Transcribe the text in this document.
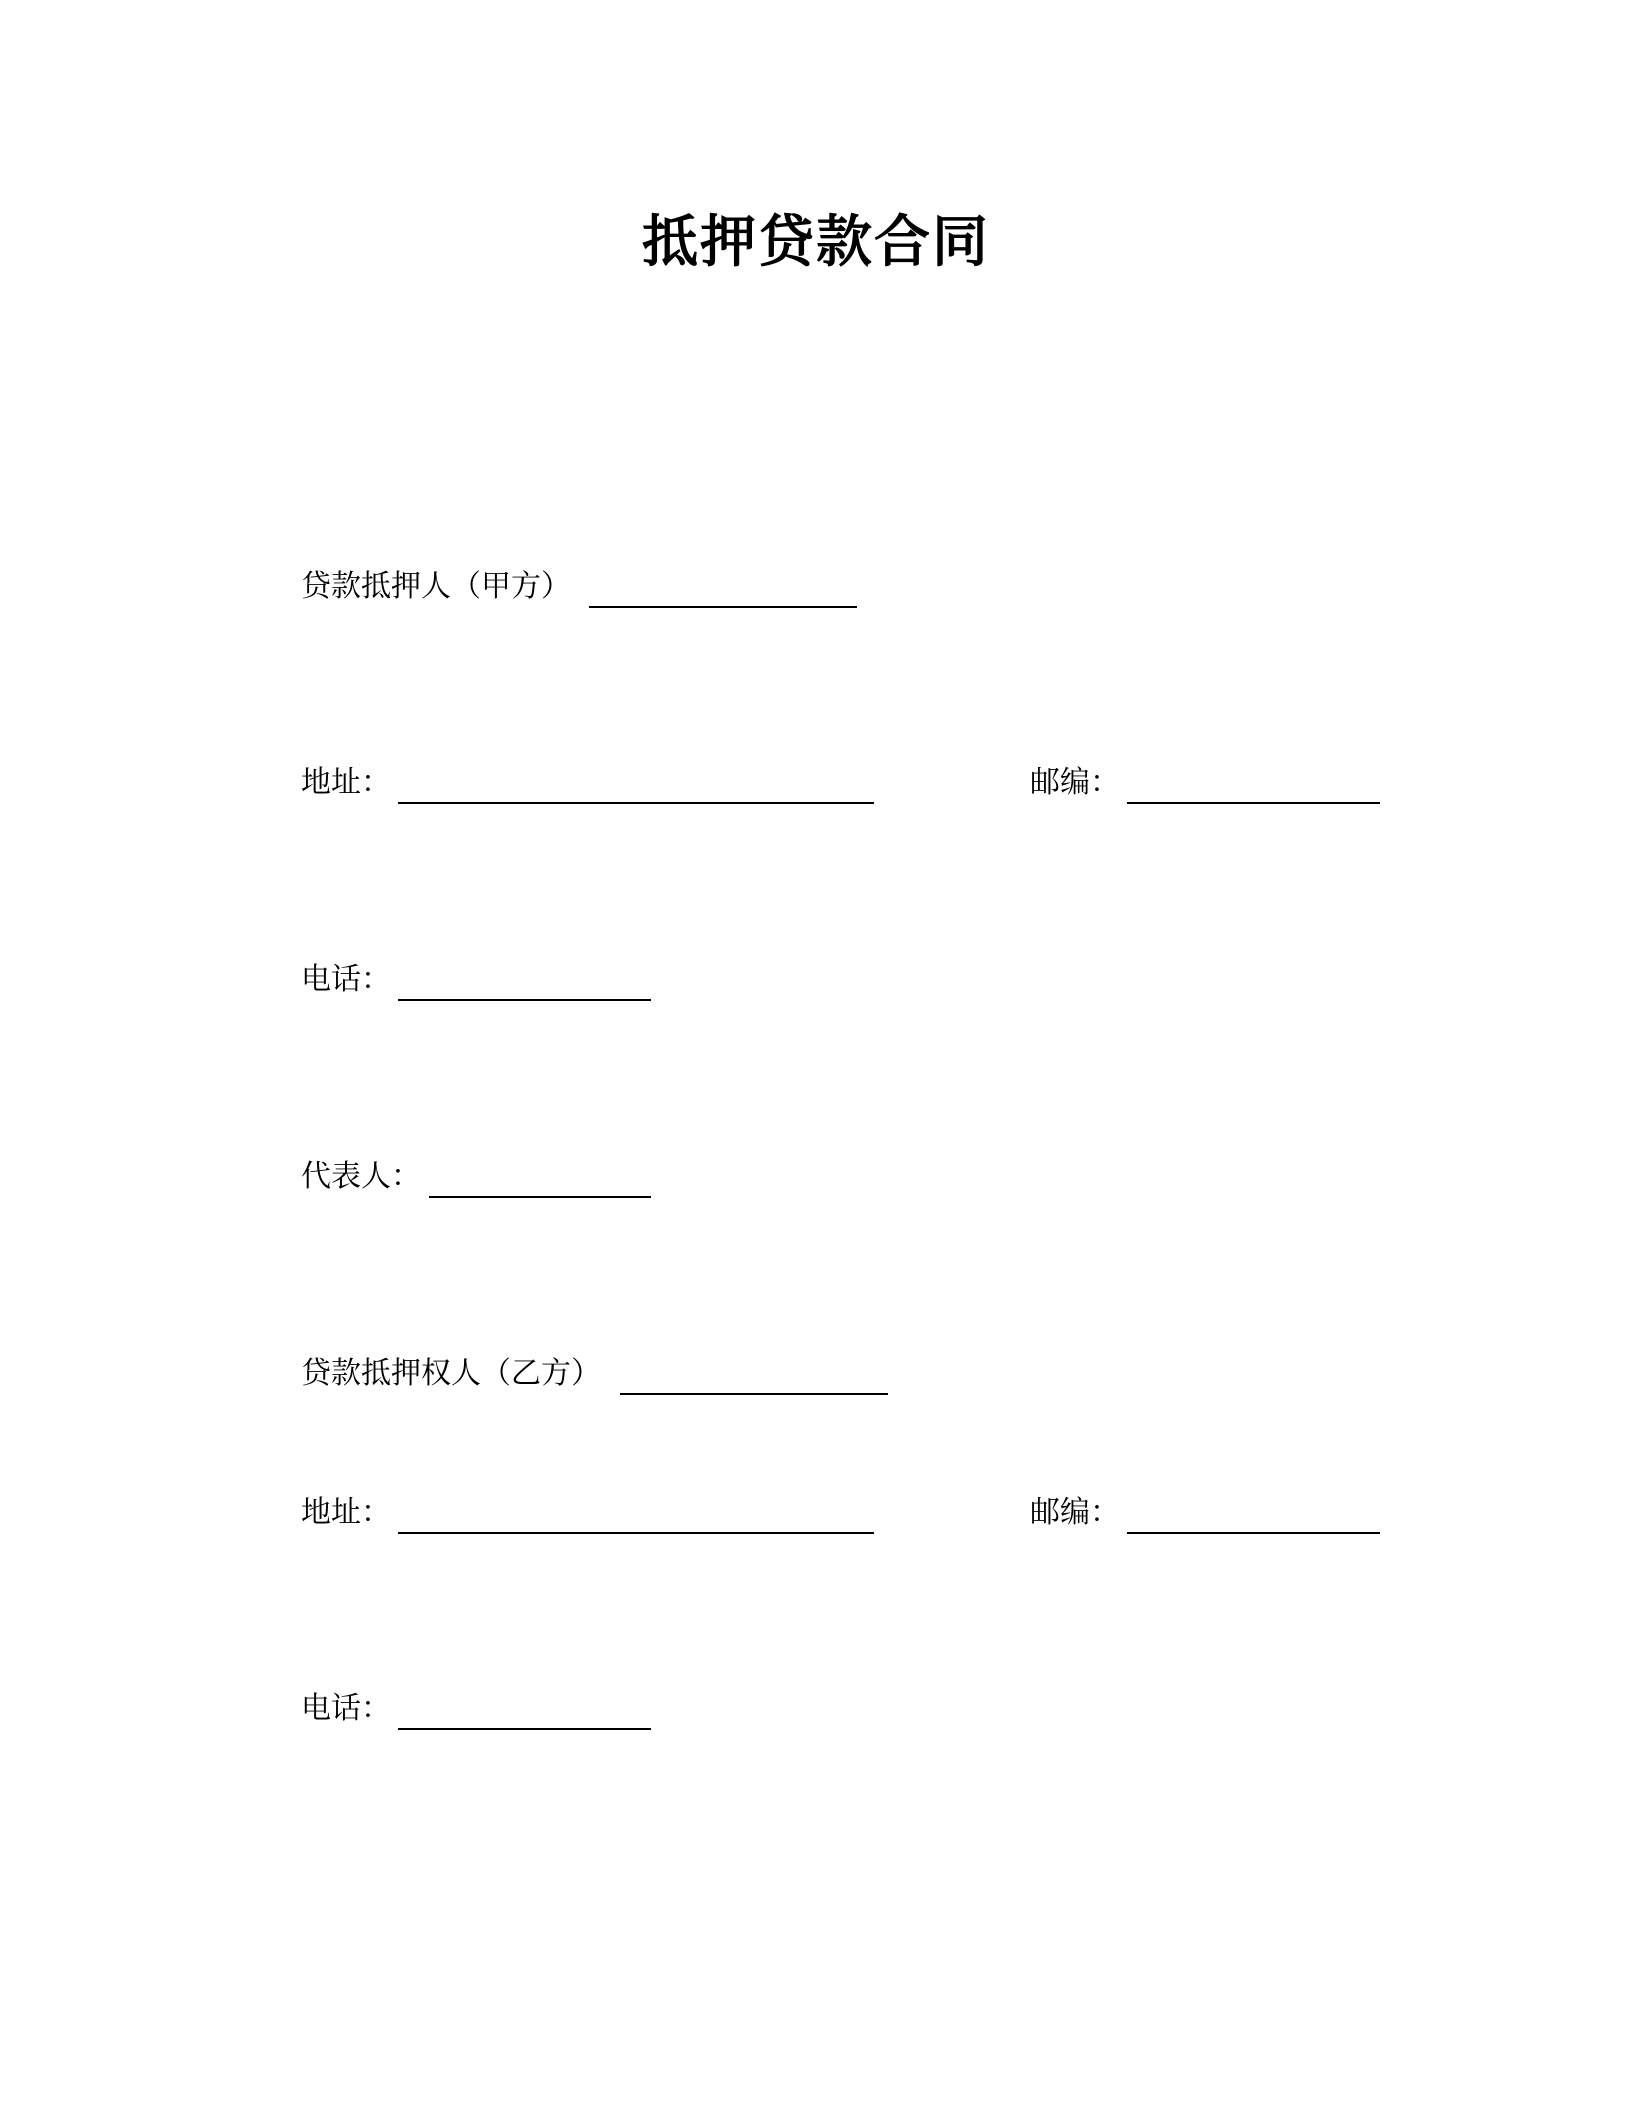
抵押贷款合同
贷款抵押人（甲方）
地址：	邮编：
电话：
代表人：
贷款抵押权人（乙方）
地址：	邮编：
电话：
